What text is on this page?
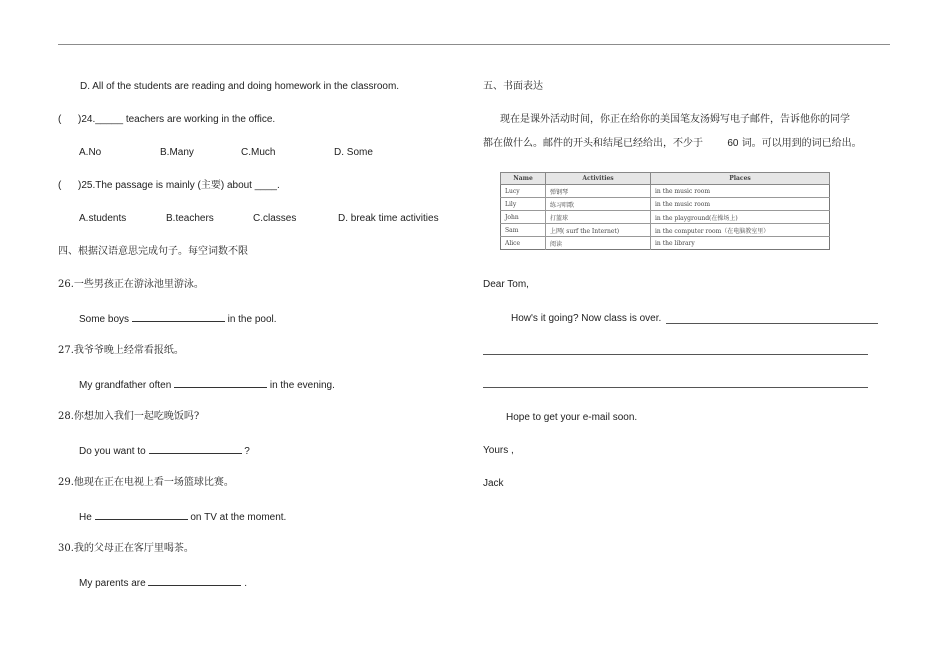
D. All of the students are reading and doing homework in the classroom.
( )24._____ teachers are working in the office.
A.No	B.Many	C.Much	D. Some
( )25.The passage is mainly (主要) about ____.
A.students	B.teachers	C.classes	D. break time activities
四、根据汉语意思完成句子。每空词数不限
26.一些男孩正在游泳池里游泳。
Some boys	in the pool.
27.我爷爷晚上经常看报纸。
My grandfather often	in the evening.
28.你想加入我们一起吃晚饭吗?
Do you want to	?
29.他现在正在电视上看一场篮球比赛。
He	on TV at the moment.
30.我的父母正在客厅里喝茶。
My parents are	.
五、书面表达
现在是课外活动时间，你正在给你的美国笔友汤姆写电子邮件，告诉他你的同学
都在做什么。邮件的开头和结尾已经给出，不少于 60 词。可以用到的词已给出。
Name	Activities	Places
Lucy	弹钢琴	in the music room
Lily	练习唱歌	in the music room
John	打篮球	in the playground(在操场上)
Sam	上网( surf the Internet)	in the computer room（在电脑教室里）
Alice	阅读	in the library
Dear Tom,
How's it going? Now class is over.
Hope to get your e-mail soon.
Yours ,
Jack
